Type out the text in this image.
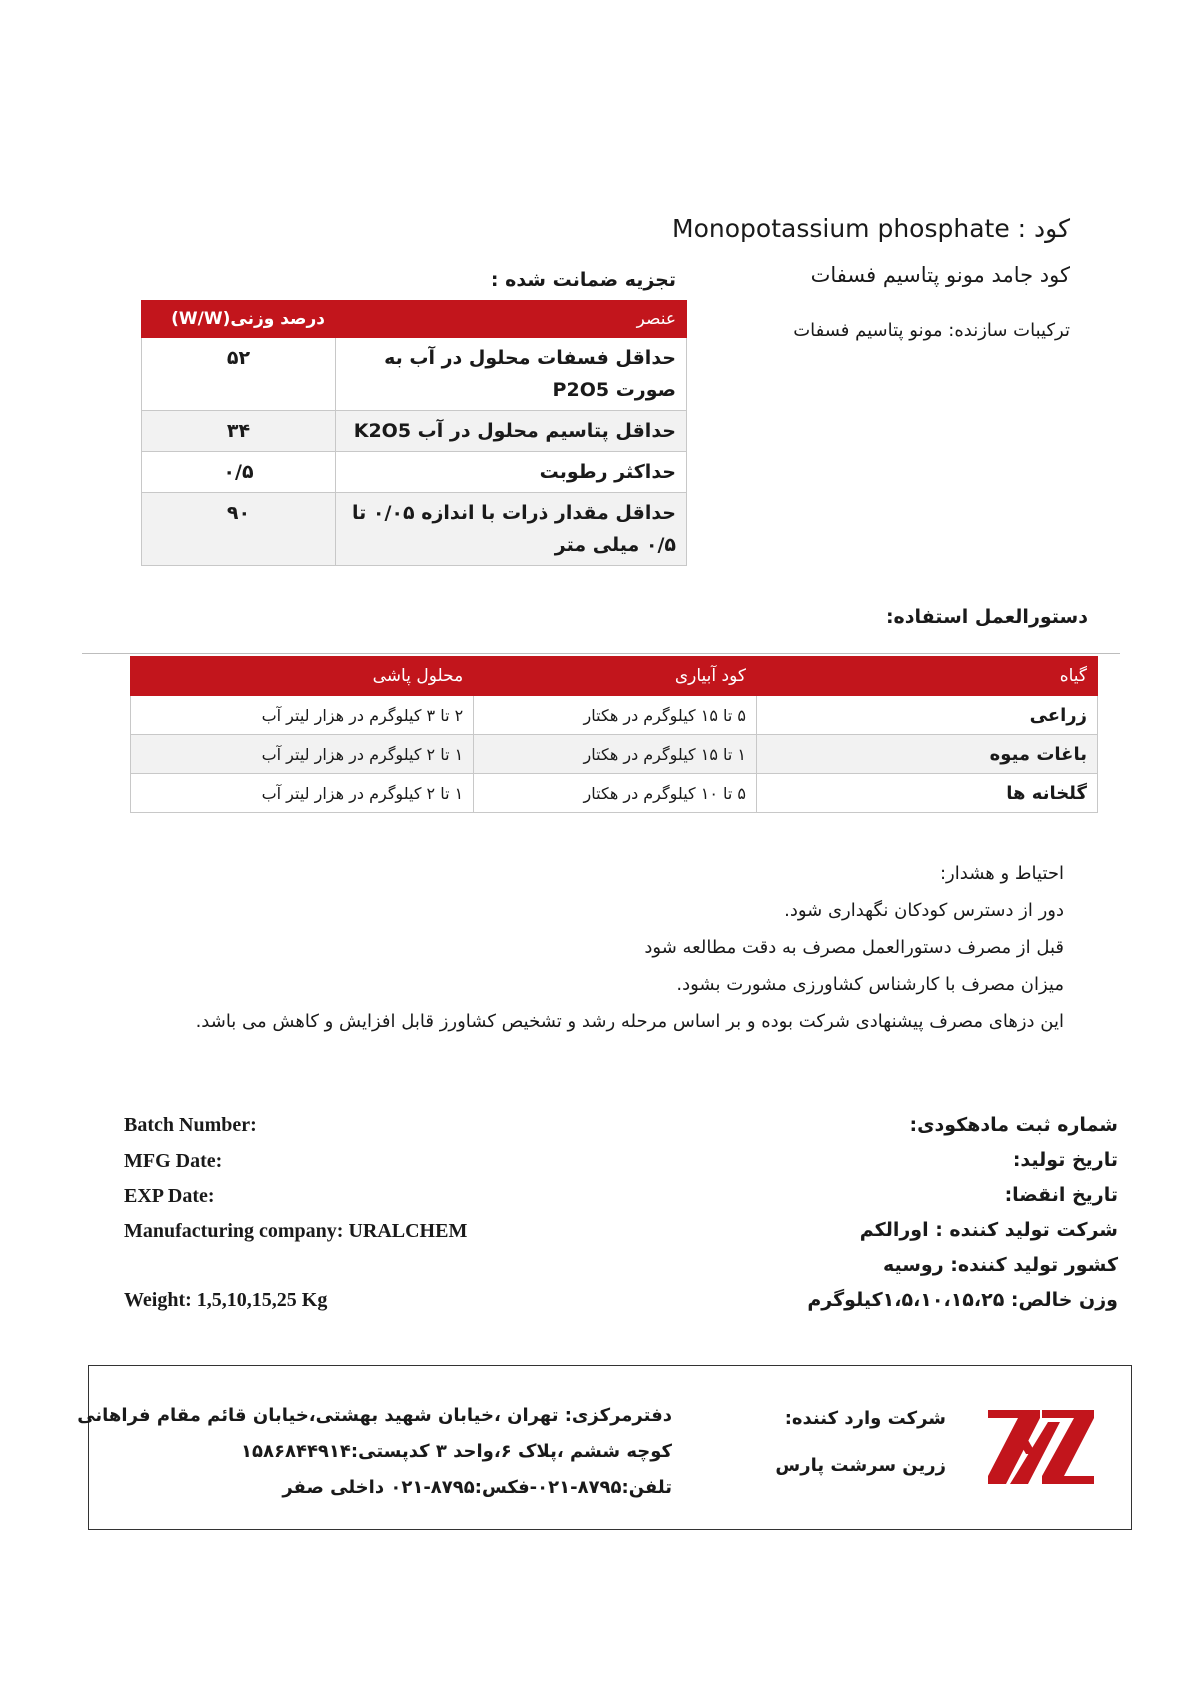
کود : Monopotassium phosphate
کود جامد مونو پتاسیم فسفات
ترکیبات سازنده: مونو پتاسیم فسفات
تجزیه ضمانت شده :
عنصر	درصد وزنی(W/W)
حداقل فسفات محلول در آب به صورت P2O5	۵۲
حداقل پتاسیم محلول در آب K2O5	۳۴
حداکثر رطوبت	۰/۵
حداقل مقدار ذرات با اندازه ۰/۰۵ تا ۰/۵ میلی متر	۹۰
دستورالعمل استفاده:
گیاه	کود آبیاری	محلول پاشی
زراعی	۵ تا ۱۵ کیلوگرم در هکتار	۲ تا ۳ کیلوگرم در هزار لیتر آب
باغات میوه	۱ تا ۱۵ کیلوگرم در هکتار	۱ تا ۲ کیلوگرم در هزار لیتر آب
گلخانه ها	۵ تا ۱۰ کیلوگرم در هکتار	۱ تا ۲ کیلوگرم در هزار لیتر آب
احتیاط و هشدار:
دور از دسترس کودکان نگهداری شود.
قبل از مصرف دستورالعمل مصرف به دقت مطالعه شود
میزان مصرف با کارشناس کشاورزی مشورت بشود.
این دزهای مصرف پیشنهادی شرکت بوده و بر اساس مرحله رشد و تشخیص کشاورز قابل افزایش و کاهش می باشد.
Batch Number:
MFG Date:
EXP Date:
Manufacturing company: URALCHEM
Weight: 1,5,10,15,25 Kg
شماره ثبت مادهکودی:
تاریخ تولید:
تاریخ انقضا:
شرکت تولید کننده : اورالکم
کشور تولید کننده: روسیه
وزن خالص: ۱،۵،۱۰،۱۵،۲۵کیلوگرم
شرکت وارد کننده:
زرین سرشت پارس
دفترمرکزی: تهران ،خیابان شهید بهشتی،خیابان قائم مقام فراهانی
کوچه ششم ،پلاک ۶،واحد ۳ کدپستی:۱۵۸۶۸۴۴۹۱۴
تلفن:۸۷۹۵-۰۲۱-فکس:۸۷۹۵-۰۲۱ داخلی صفر
